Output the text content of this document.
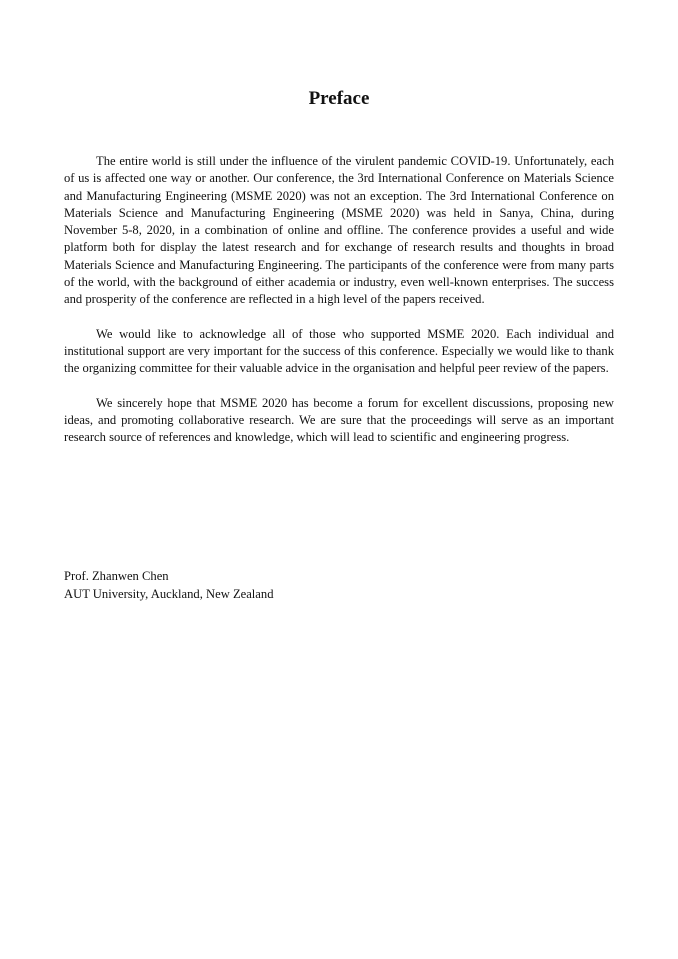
Preface

The entire world is still under the influence of the virulent pandemic COVID-19. Unfortunately, each of us is affected one way or another. Our conference, the 3rd International Conference on Materials Science and Manufacturing Engineering (MSME 2020) was not an exception. The 3rd International Conference on Materials Science and Manufacturing Engineering (MSME 2020) was held in Sanya, China, during November 5-8, 2020, in a combination of online and offline. The conference provides a useful and wide platform both for display the latest research and for exchange of research results and thoughts in broad Materials Science and Manufacturing Engineering. The participants of the conference were from many parts of the world, with the background of either academia or industry, even well-known enterprises. The success and prosperity of the conference are reflected in a high level of the papers received.

We would like to acknowledge all of those who supported MSME 2020. Each individual and institutional support are very important for the success of this conference. Especially we would like to thank the organizing committee for their valuable advice in the organisation and helpful peer review of the papers.

We sincerely hope that MSME 2020 has become a forum for excellent discussions, proposing new ideas, and promoting collaborative research. We are sure that the proceedings will serve as an important research source of references and knowledge, which will lead to scientific and engineering progress.

Prof. Zhanwen Chen
AUT University, Auckland, New Zealand
